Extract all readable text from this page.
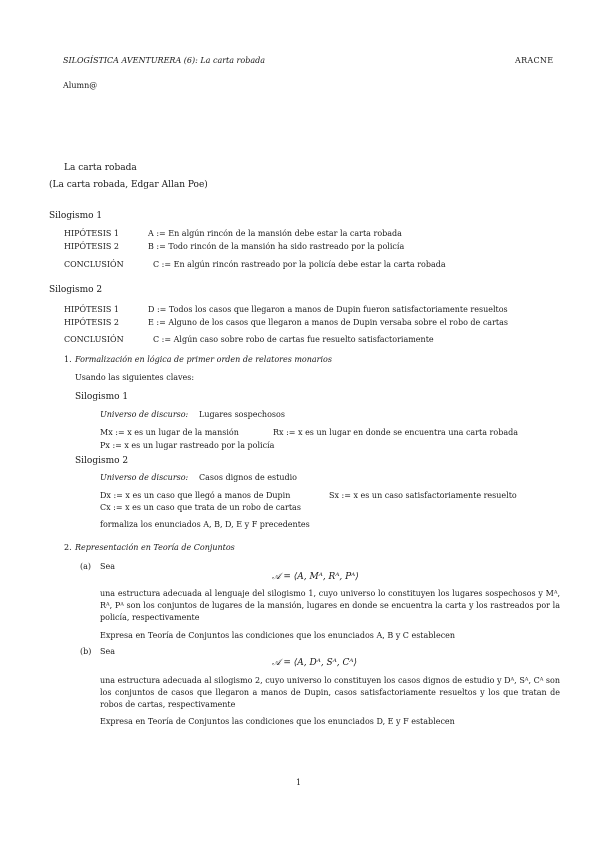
SILOGÍSTICA AVENTURERA (6): La carta robada	ARACNE
Alumn@
La carta robada
(La carta robada, Edgar Allan Poe)
Silogismo 1
HIPÓTESIS 1	A := En algún rincón de la mansión debe estar la carta robada
HIPÓTESIS 2	B := Todo rincón de la mansión ha sido rastreado por la policía
CONCLUSIÓN	C := En algún rincón rastreado por la policía debe estar la carta robada
Silogismo 2
HIPÓTESIS 1	D := Todos los casos que llegaron a manos de Dupin fueron satisfactoriamente resueltos
HIPÓTESIS 2	E := Alguno de los casos que llegaron a manos de Dupin versaba sobre el robo de cartas
CONCLUSIÓN	C := Algún caso sobre robo de cartas fue resuelto satisfactoriamente
1. Formalización en lógica de primer orden de relatores monarios
Usando las siguientes claves:
Silogismo 1
Universo de discurso: Lugares sospechosos
Mx := x es un lugar de la mansión	Rx := x es un lugar en donde se encuentra una carta robada
Px := x es un lugar rastreado por la policía
Silogismo 2
Universo de discurso: Casos dignos de estudio
Dx := x es un caso que llegó a manos de Dupin	Sx := x es un caso satisfactoriamente resuelto
Cx := x es un caso que trata de un robo de cartas
formaliza los enunciados A, B, D, E y F precedentes
2. Representación en Teoría de Conjuntos
(a) Sea
𝒜 = ⟨A, Mᴬ, Rᴬ, Pᴬ⟩
una estructura adecuada al lenguaje del silogismo 1, cuyo universo lo constituyen los lugares sospechosos y Mᴬ, Rᴬ, Pᴬ son los conjuntos de lugares de la mansión, lugares en donde se encuentra la carta y los rastreados por la policía, respectivamente
Expresa en Teoría de Conjuntos las condiciones que los enunciados A, B y C establecen
(b) Sea
𝒜 = ⟨A, Dᴬ, Sᴬ, Cᴬ⟩
una estructura adecuada al silogismo 2, cuyo universo lo constituyen los casos dignos de estudio y Dᴬ, Sᴬ, Cᴬ son los conjuntos de casos que llegaron a manos de Dupin, casos satisfactoriamente resueltos y los que tratan de robos de cartas, respectivamente
Expresa en Teoría de Conjuntos las condiciones que los enunciados D, E y F establecen
1
